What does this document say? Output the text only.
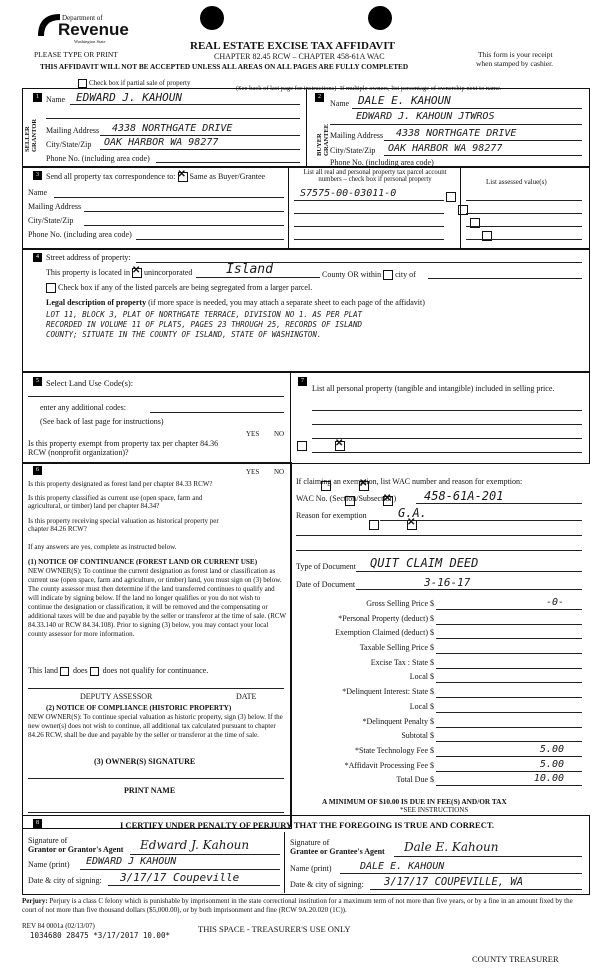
Department of
Revenue
Washington State
PLEASE TYPE OR PRINT
REAL ESTATE EXCISE TAX AFFIDAVIT
CHAPTER 82.45 RCW – CHAPTER 458-61A WAC
THIS AFFIDAVIT WILL NOT BE ACCEPTED UNLESS ALL AREAS ON ALL PAGES ARE FULLY COMPLETED
This form is your receipt
when stamped by cashier.
Check box if partial sale of property
(See back of last page for instructions) If multiple owners, list percentage of ownership next to name.
1
SELLER GRANTOR
Name EDWARD J. KAHOUN
Mailing Address 4338 NORTHGATE DRIVE
City/State/Zip OAK HARBOR WA 98277
Phone No. (including area code)
2
BUYER GRANTEE
Name DALE E. KAHOUN
EDWARD J. KAHOUN JTWROS
Mailing Address 4338 NORTHGATE DRIVE
City/State/Zip OAK HARBOR WA 98277
Phone No. (including area code)
3 Send all property tax correspondence to: ✕ Same as Buyer/Grantee
Name
Mailing Address
City/State/Zip
Phone No. (including area code)
List all real and personal property tax parcel account numbers – check box if personal property	List assessed value(s)
S7575-00-03011-0

4 Street address of property:
This property is located in ✕ unincorporated	Island	County OR within city of
Check box if any of the listed parcels are being segregated from a larger parcel.
Legal description of property (if more space is needed, you may attach a separate sheet to each page of the affidavit)
LOT 11, BLOCK 3, PLAT OF NORTHGATE TERRACE, DIVISION NO 1. AS PER PLAT
RECORDED IN VOLUME 11 OF PLATS, PAGES 23 THROUGH 25, RECORDS OF ISLAND
COUNTY; SITUATE IN THE COUNTY OF ISLAND, STATE OF WASHINGTON.
5 Select Land Use Code(s):
enter any additional codes:
(See back of last page for instructions)
YES NO
Is this property exempt from property tax per chapter 84.36 RCW (nonprofit organization)?
✕
7
List all personal property (tangible and intangible) included in selling price.
6	YES NO
Is this property designated as forest land per chapter 84.33 RCW?
✕
Is this property classified as current use (open space, farm and agricultural, or timber) land per chapter 84.34?
✕
Is this property receiving special valuation as historical property per chapter 84.26 RCW?
✕
If any answers are yes, complete as instructed below.
(1) NOTICE OF CONTINUANCE (FOREST LAND OR CURRENT USE)
NEW OWNER(S): To continue the current designation as forest land or classification as current use (open space, farm and agriculture, or timber) land, you must sign on (3) below. The county assessor must then determine if the land transferred continues to qualify and will indicate by signing below. If the land no longer qualifies or you do not wish to continue the designation or classification, it will be removed and the compensating or additional taxes will be due and payable by the seller or transferor at the time of sale. (RCW 84.33.140 or RCW 84.34.108). Prior to signing (3) below, you may contact your local county assessor for more information.
This land does does not qualify for continuance.
DEPUTY ASSESSOR	DATE
(2) NOTICE OF COMPLIANCE (HISTORIC PROPERTY)
NEW OWNER(S): To continue special valuation as historic property, sign (3) below. If the new owner(s) does not wish to continue, all additional tax calculated pursuant to chapter 84.26 RCW, shall be due and payable by the seller or transferor at the time of sale.
(3) OWNER(S) SIGNATURE
PRINT NAME
If claiming an exemption, list WAC number and reason for exemption:
WAC No. (Section/Subsection) 458-61A-201
Reason for exemption	G.A.
Type of Document QUIT CLAIM DEED
Date of Document	3-16-17
Gross Selling Price $	-0-
*Personal Property (deduct) $
Exemption Claimed (deduct) $
Taxable Selling Price $
Excise Tax : State $
Local $
*Delinquent Interest: State $
Local $
*Delinquent Penalty $
Subtotal $
*State Technology Fee $	5.00
*Affidavit Processing Fee $	5.00
Total Due $	10.00
A MINIMUM OF $10.00 IS DUE IN FEE(S) AND/OR TAX
*SEE INSTRUCTIONS
8	I CERTIFY UNDER PENALTY OF PERJURY THAT THE FOREGOING IS TRUE AND CORRECT.
Signature of
Grantor or Grantor's Agent Edward J. Kahoun
Name (print) EDWARD J KAHOUN
Date & city of signing: 3/17/17 Coupeville
Signature of
Grantee or Grantee's Agent Dale E. Kahoun
Name (print)	DALE E. KAHOUN
Date & city of signing: 3/17/17 COUPEVILLE, WA
Perjury: Perjury is a class C felony which is punishable by imprisonment in the state correctional institution for a maximum term of not more than five years, or by a fine in an amount fixed by the court of not more than five thousand dollars ($5,000.00), or by both imprisonment and fine (RCW 9A.20.020 (1C)).
REV 84 0001a (02/13/07)
1034680 28475 *3/17/2017 10.00*
THIS SPACE - TREASURER'S USE ONLY
COUNTY TREASURER
